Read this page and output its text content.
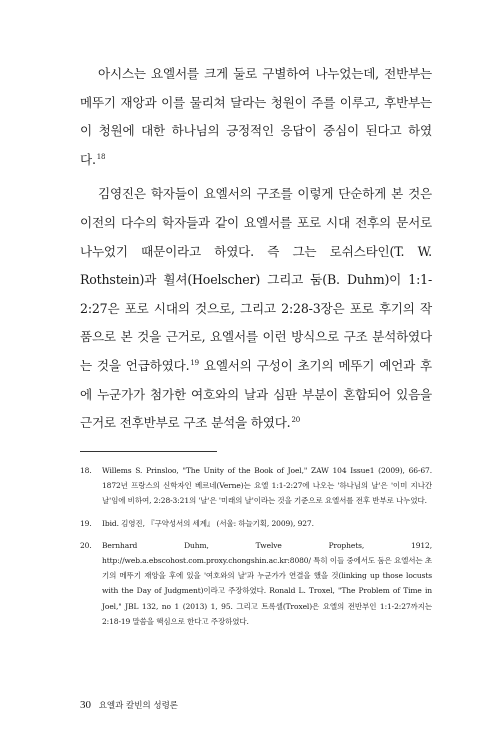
아시스는 요엘서를 크게 둘로 구별하여 나누었는데, 전반부는 메뚜기 재앙과 이를 물리쳐 달라는 청원이 주를 이루고, 후반부는 이 청원에 대한 하나님의 긍정적인 응답이 중심이 된다고 하였다.$^{18}$

김영진은 학자들이 요엘서의 구조를 이렇게 단순하게 본 것은 이전의 다수의 학자들과 같이 요엘서를 포로 시대 전후의 문서로 나누었기 때문이라고 하였다. 즉 그는 로쉬스타인(T. W. Rothstein)과 휠셔(Hoelscher) 그리고 둠(B. Duhm)이 1:1-2:27은 포로 시대의 것으로, 그리고 2:28-3장은 포로 후기의 작품으로 본 것을 근거로, 요엘서를 이런 방식으로 구조 분석하였다는 것을 언급하였다.$^{19}$ 요엘서의 구성이 초기의 메뚜기 예언과 후에 누군가가 첨가한 여호와의 날과 심판 부분이 혼합되어 있음을 근거로 전후반부로 구조 분석을 하였다.$^{20}$

18.	Willems S. Prinsloo, "The Unity of the Book of Joel," ZAW 104 Issue1 (2009), 66-67. 1872년 프랑스의 신학자인 베르네(Verne)는 요엘 1:1-2:27에 나오는 '하나님의 날'은 '이미 지나간 날'임에 비하여, 2:28-3:21의 '날'은 '미래의 날'이라는 것을 기준으로 요엘서를 전후 반부로 나누었다.
19.	Ibid. 김영진, 『구약성서의 세계』 (서울: 하늘기획, 2009), 927.
20.	Bernhard Duhm, Twelve Prophets, 1912, http://web.a.ebscohost.com.proxy.chongshin.ac.kr:8080/ 특히 이들 중에서도 둠은 요엘서는 초기의 메뚜기 재앙을 후에 있을 '여호와의 날'과 누군가가 연결을 했을 것(linking up those locusts with the Day of Judgment)이라고 주장하였다. Ronald L. Troxel, "The Problem of Time in Joel," JBL 132, no 1 (2013) 1, 95. 그리고 트록셀(Troxel)은 요엘의 전반부인 1:1-2:27까지는 2:18-19 말씀을 핵심으로 한다고 주장하였다.
30 요엘과 칼빈의 성령론
